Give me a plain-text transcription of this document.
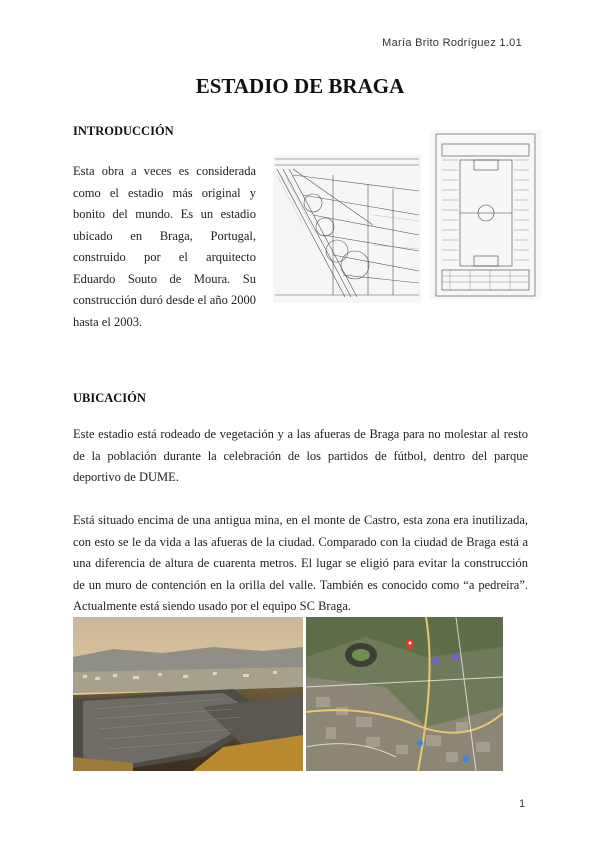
María Brito Rodríguez 1.01
ESTADIO DE BRAGA
INTRODUCCIÓN
Esta obra a veces es considerada como el estadio más original y bonito del mundo. Es un estadio ubicado en Braga, Portugal, construido por el arquitecto Eduardo Souto de Moura. Su construcción duró desde el año 2000 hasta el 2003.
UBICACIÓN
Este estadio está rodeado de vegetación y a las afueras de Braga para no molestar al resto de la población durante la celebración de los partidos de fútbol, dentro del parque deportivo de DUME.
Está situado encima de una antigua mina, en el monte de Castro, esta zona era inutilizada, con esto se le da vida a las afueras de la ciudad. Comparado con la ciudad de Braga está a una diferencia de altura de cuarenta metros. El lugar se eligió para evitar la construcción de un muro de contención en la orilla del valle. También es conocido como “a pedreira”. Actualmente está siendo usado por el equipo SC Braga.
1
